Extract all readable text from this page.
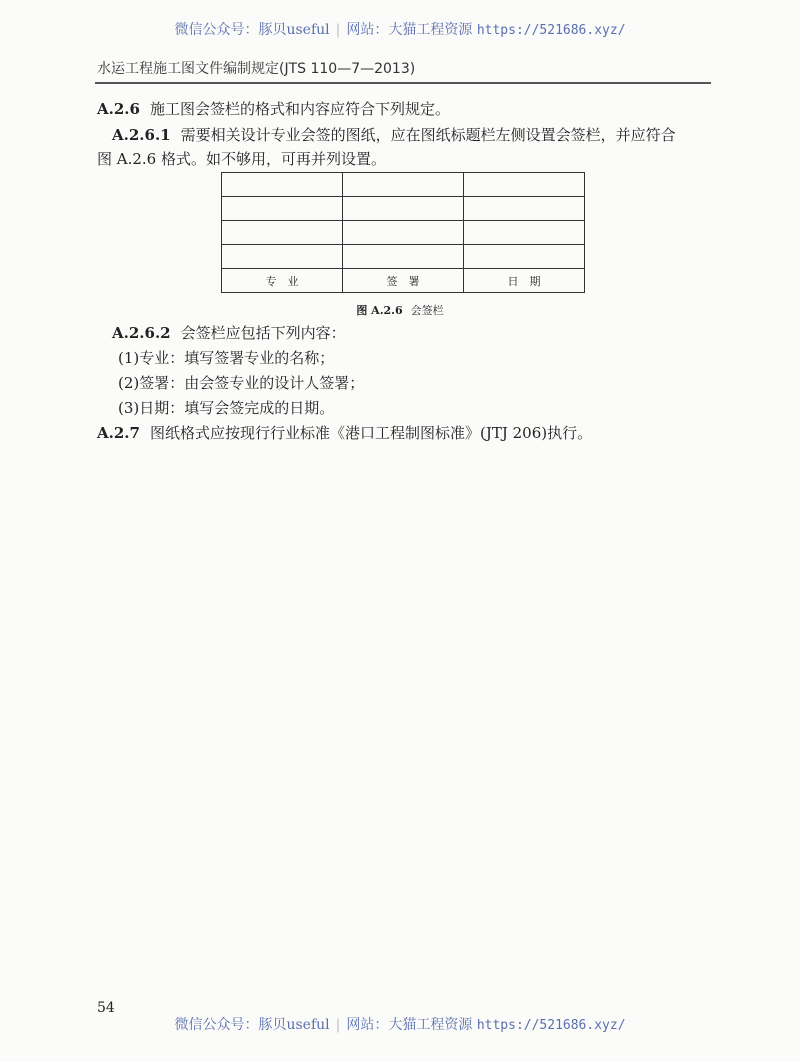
微信公众号：豚贝useful | 网站：大猫工程资源 https://521686.xyz/
水运工程施工图文件编制规定(JTS 110—7—2013)
A.2.6 施工图会签栏的格式和内容应符合下列规定。
A.2.6.1 需要相关设计专业会签的图纸，应在图纸标题栏左侧设置会签栏，并应符合
图 A.2.6 格式。如不够用，可再并列设置。

专　业	签　署	日　期
图 A.2.6 会签栏
A.2.6.2 会签栏应包括下列内容：
(1)专业：填写签署专业的名称；
(2)签署：由会签专业的设计人签署；
(3)日期：填写会签完成的日期。
A.2.7 图纸格式应按现行行业标准《港口工程制图标准》(JTJ 206)执行。
54
微信公众号：豚贝useful | 网站：大猫工程资源 https://521686.xyz/
